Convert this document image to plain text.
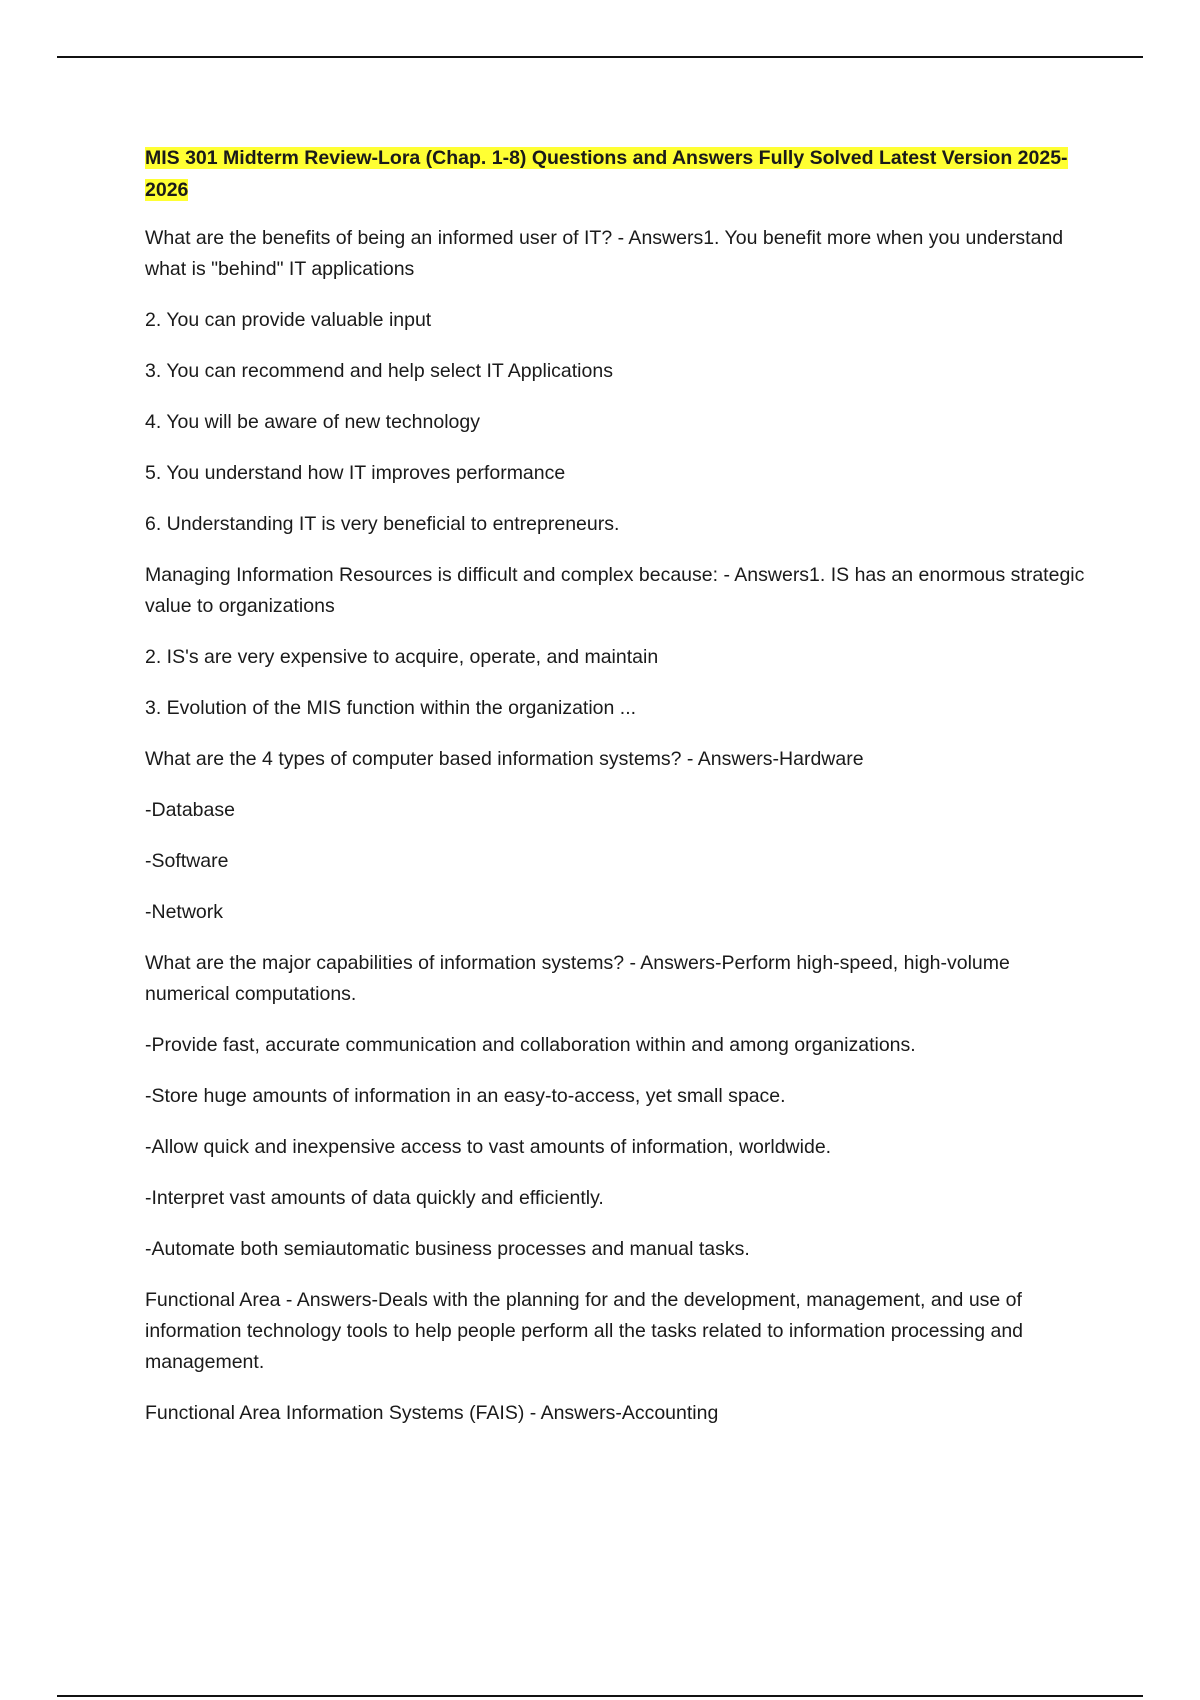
MIS 301 Midterm Review-Lora (Chap. 1-8) Questions and Answers Fully Solved Latest Version 2025-2026
What are the benefits of being an informed user of IT? - Answers1. You benefit more when you understand what is "behind" IT applications
2. You can provide valuable input
3. You can recommend and help select IT Applications
4. You will be aware of new technology
5. You understand how IT improves performance
6. Understanding IT is very beneficial to entrepreneurs.
Managing Information Resources is difficult and complex because: - Answers1. IS has an enormous strategic value to organizations
2. IS's are very expensive to acquire, operate, and maintain
3. Evolution of the MIS function within the organization ...
What are the 4 types of computer based information systems? - Answers-Hardware
-Database
-Software
-Network
What are the major capabilities of information systems? - Answers-Perform high-speed, high-volume numerical computations.
-Provide fast, accurate communication and collaboration within and among organizations.
-Store huge amounts of information in an easy-to-access, yet small space.
-Allow quick and inexpensive access to vast amounts of information, worldwide.
-Interpret vast amounts of data quickly and efficiently.
-Automate both semiautomatic business processes and manual tasks.
Functional Area - Answers-Deals with the planning for and the development, management, and use of information technology tools to help people perform all the tasks related to information processing and management.
Functional Area Information Systems (FAIS) - Answers-Accounting
